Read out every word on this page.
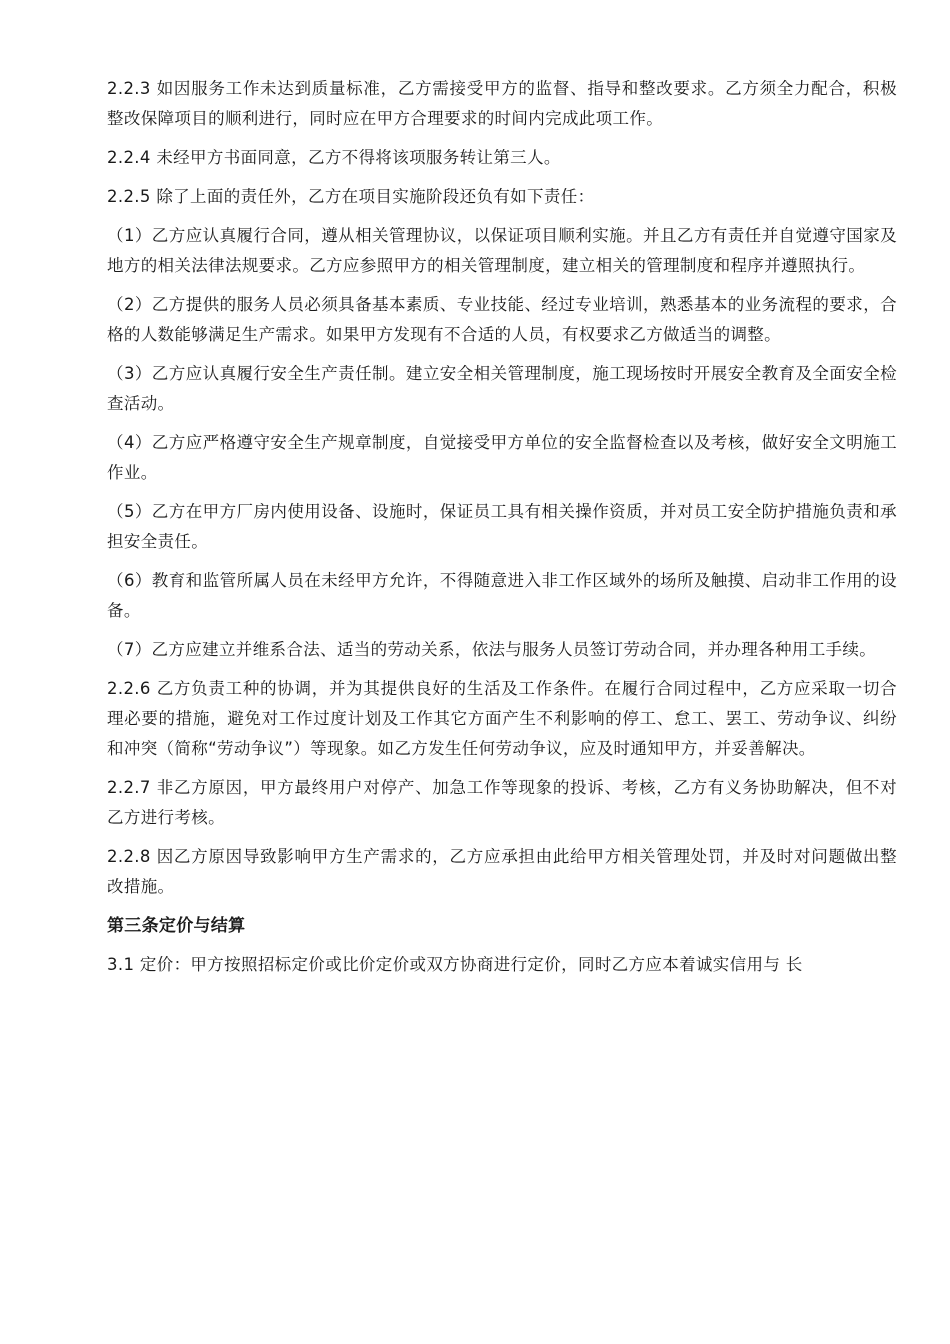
2.2.3 如因服务工作未达到质量标准，乙方需接受甲方的监督、指导和整改要求。乙方须全力配合，积极整改保障项目的顺利进行，同时应在甲方合理要求的时间内完成此项工作。

2.2.4 未经甲方书面同意，乙方不得将该项服务转让第三人。

2.2.5 除了上面的责任外，乙方在项目实施阶段还负有如下责任：

（1）乙方应认真履行合同，遵从相关管理协议，以保证项目顺利实施。并且乙方有责任并自觉遵守国家及地方的相关法律法规要求。乙方应参照甲方的相关管理制度，建立相关的管理制度和程序并遵照执行。

（2）乙方提供的服务人员必须具备基本素质、专业技能、经过专业培训，熟悉基本的业务流程的要求，合格的人数能够满足生产需求。如果甲方发现有不合适的人员，有权要求乙方做适当的调整。

（3）乙方应认真履行安全生产责任制。建立安全相关管理制度，施工现场按时开展安全教育及全面安全检查活动。

（4）乙方应严格遵守安全生产规章制度，自觉接受甲方单位的安全监督检查以及考核，做好安全文明施工作业。

（5）乙方在甲方厂房内使用设备、设施时，保证员工具有相关操作资质，并对员工安全防护措施负责和承担安全责任。

（6）教育和监管所属人员在未经甲方允许，不得随意进入非工作区域外的场所及触摸、启动非工作用的设备。

（7）乙方应建立并维系合法、适当的劳动关系，依法与服务人员签订劳动合同，并办理各种用工手续。

2.2.6 乙方负责工种的协调，并为其提供良好的生活及工作条件。在履行合同过程中，乙方应采取一切合理必要的措施，避免对工作过度计划及工作其它方面产生不利影响的停工、怠工、罢工、劳动争议、纠纷和冲突（简称“劳动争议”）等现象。如乙方发生任何劳动争议，应及时通知甲方，并妥善解决。

2.2.7 非乙方原因，甲方最终用户对停产、加急工作等现象的投诉、考核，乙方有义务协助解决，但不对乙方进行考核。

2.2.8 因乙方原因导致影响甲方生产需求的，乙方应承担由此给甲方相关管理处罚，并及时对问题做出整改措施。

第三条定价与结算

3.1 定价：甲方按照招标定价或比价定价或双方协商进行定价，同时乙方应本着诚实信用与 长
